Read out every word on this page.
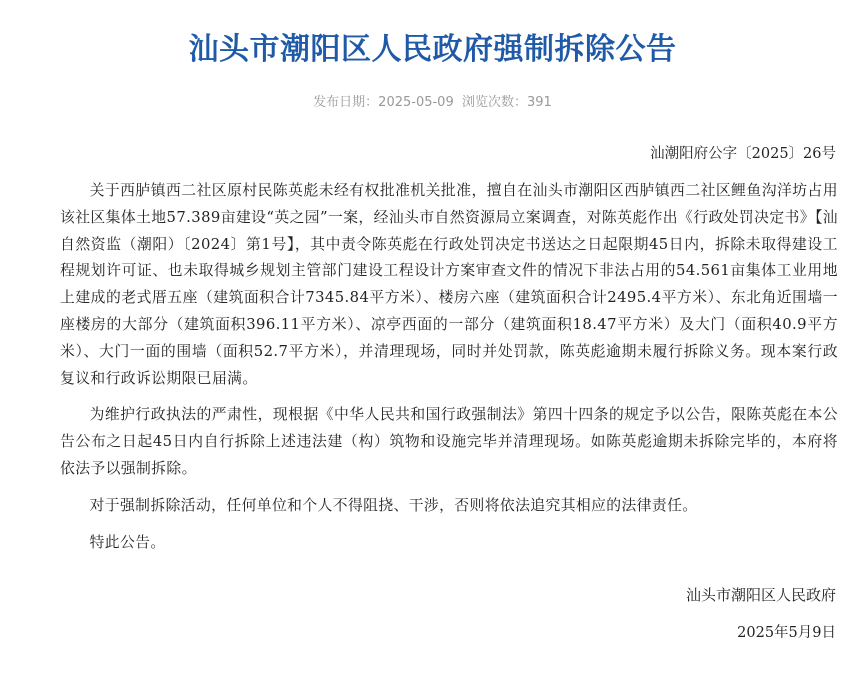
汕头市潮阳区人民政府强制拆除公告
发布日期：2025-05-09 浏览次数：391
汕潮阳府公字〔2025〕26号

关于西胪镇西二社区原村民陈英彪未经有权批准机关批准，擅自在汕头市潮阳区西胪镇西二社区鲤鱼沟洋坊占用该社区集体土地57.389亩建设“英之园”一案，经汕头市自然资源局立案调查，对陈英彪作出《行政处罚决定书》【汕自然资监（潮阳）〔2024〕第1号】，其中责令陈英彪在行政处罚决定书送达之日起限期45日内，拆除未取得建设工程规划许可证、也未取得城乡规划主管部门建设工程设计方案审查文件的情况下非法占用的54.561亩集体工业用地上建成的老式厝五座（建筑面积合计7345.84平方米）、楼房六座（建筑面积合计2495.4平方米）、东北角近围墙一座楼房的大部分（建筑面积396.11平方米）、凉亭西面的一部分（建筑面积18.47平方米）及大门（面积40.9平方米）、大门一面的围墙（面积52.7平方米），并清理现场，同时并处罚款，陈英彪逾期未履行拆除义务。现本案行政复议和行政诉讼期限已届满。

为维护行政执法的严肃性，现根据《中华人民共和国行政强制法》第四十四条的规定予以公告，限陈英彪在本公告公布之日起45日内自行拆除上述违法建（构）筑物和设施完毕并清理现场。如陈英彪逾期未拆除完毕的，本府将依法予以强制拆除。

对于强制拆除活动，任何单位和个人不得阻挠、干涉，否则将依法追究其相应的法律责任。

特此公告。

汕头市潮阳区人民政府
2025年5月9日
